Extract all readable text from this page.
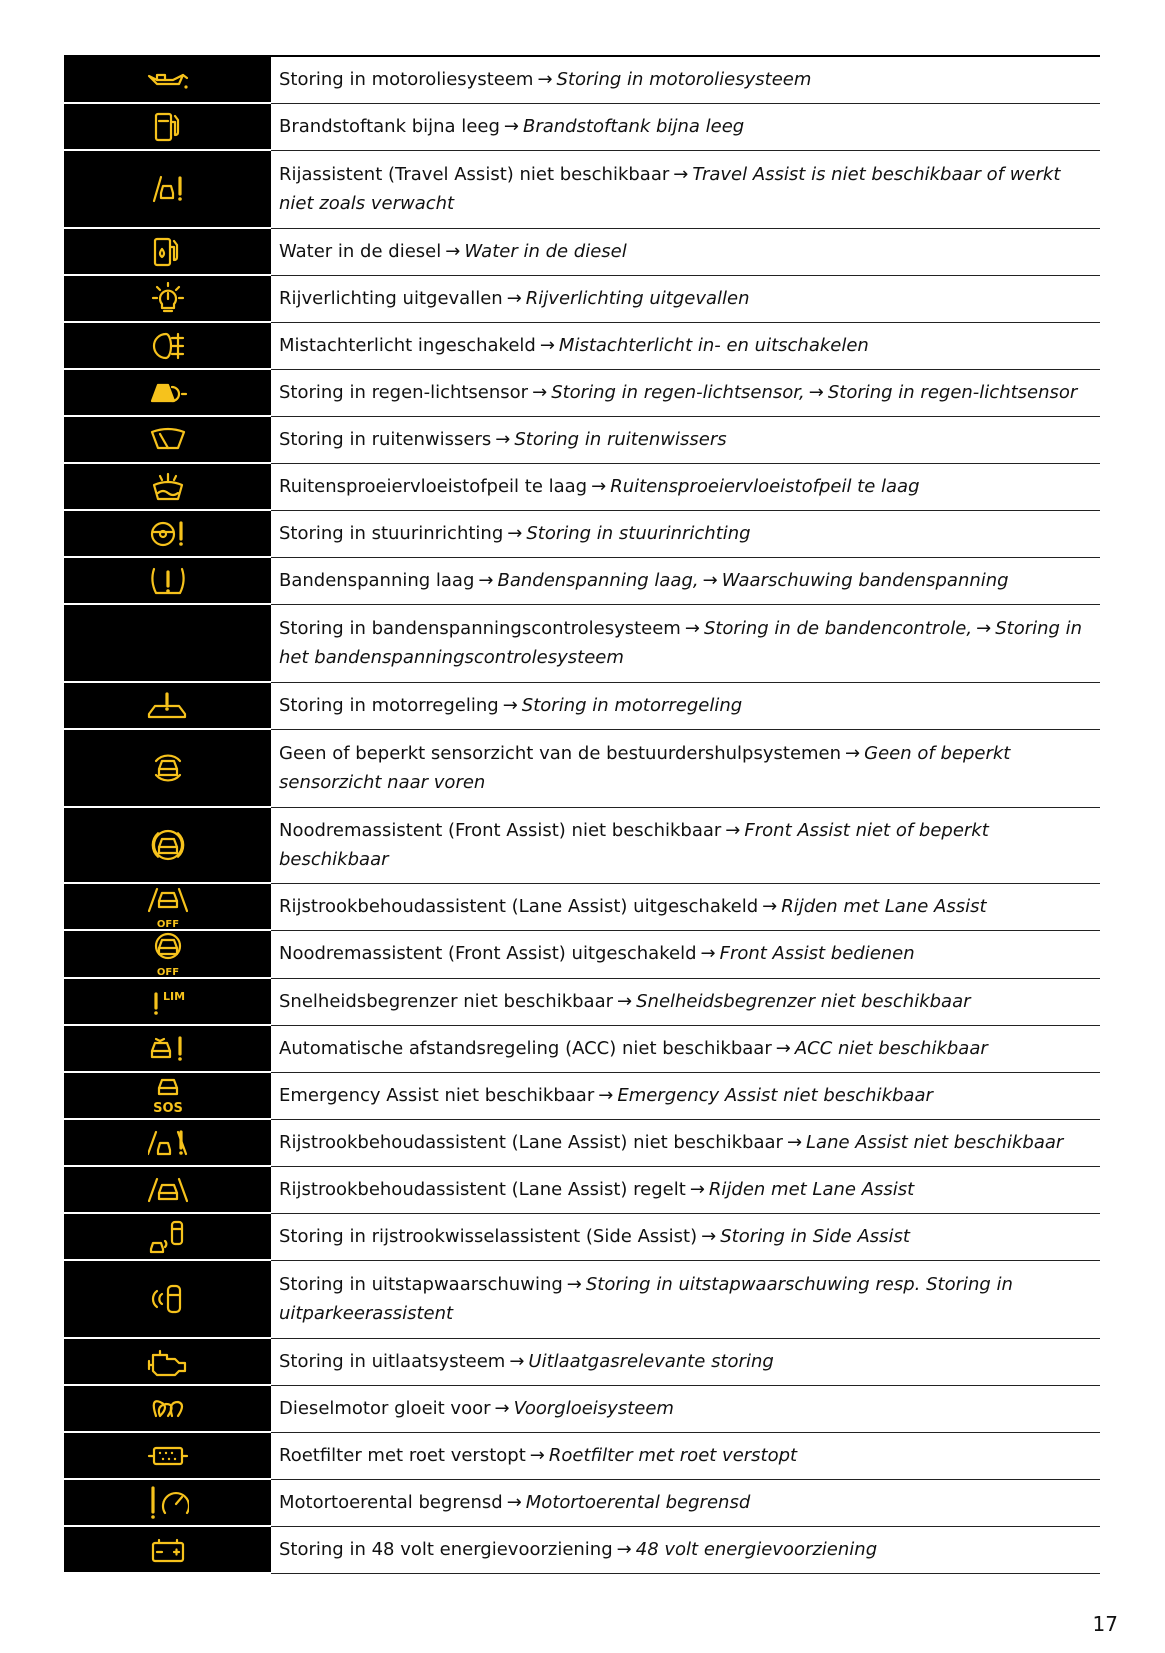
Storing in motoroliesysteem → Storing in motoroliesysteem
Brandstoftank bijna leeg → Brandstoftank bijna leeg
Rijassistent (Travel Assist) niet beschikbaar → Travel Assist is niet beschikbaar of werkt niet zoals verwacht
Water in de diesel → Water in de diesel
Rijverlichting uitgevallen → Rijverlichting uitgevallen
Mistachterlicht ingeschakeld → Mistachterlicht in- en uitschakelen
Storing in regen-lichtsensor → Storing in regen-lichtsensor, → Storing in regen-lichtsensor
Storing in ruitenwissers → Storing in ruitenwissers
Ruitensproeiervloeistofpeil te laag → Ruitensproeiervloeistofpeil te laag
Storing in stuurinrichting → Storing in stuurinrichting
Bandenspanning laag → Bandenspanning laag, → Waarschuwing bandenspanning
Storing in bandenspanningscontrolesysteem → Storing in de bandencontrole, → Storing in het bandenspanningscontrolesysteem
Storing in motorregeling → Storing in motorregeling
Geen of beperkt sensorzicht van de bestuurdershulpsystemen → Geen of beperkt sensorzicht naar voren
Noodremassistent (Front Assist) niet beschikbaar → Front Assist niet of beperkt beschikbaar
OFF
Rijstrookbehoudassistent (Lane Assist) uitgeschakeld → Rijden met Lane Assist
OFF
Noodremassistent (Front Assist) uitgeschakeld → Front Assist bedienen
LIM	Snelheidsbegrenzer niet beschikbaar → Snelheidsbegrenzer niet beschikbaar
Automatische afstandsregeling (ACC) niet beschikbaar → ACC niet beschikbaar
SOS
Emergency Assist niet beschikbaar → Emergency Assist niet beschikbaar
Rijstrookbehoudassistent (Lane Assist) niet beschikbaar → Lane Assist niet beschikbaar
Rijstrookbehoudassistent (Lane Assist) regelt → Rijden met Lane Assist
Storing in rijstrookwisselassistent (Side Assist) → Storing in Side Assist
Storing in uitstapwaarschuwing → Storing in uitstapwaarschuwing resp. Storing in uitparkeerassistent
Storing in uitlaatsysteem → Uitlaatgasrelevante storing
Dieselmotor gloeit voor → Voorgloeisysteem
Roetfilter met roet verstopt → Roetfilter met roet verstopt
Motortoerental begrensd → Motortoerental begrensd
Storing in 48 volt energievoorziening → 48 volt energievoorziening
17
